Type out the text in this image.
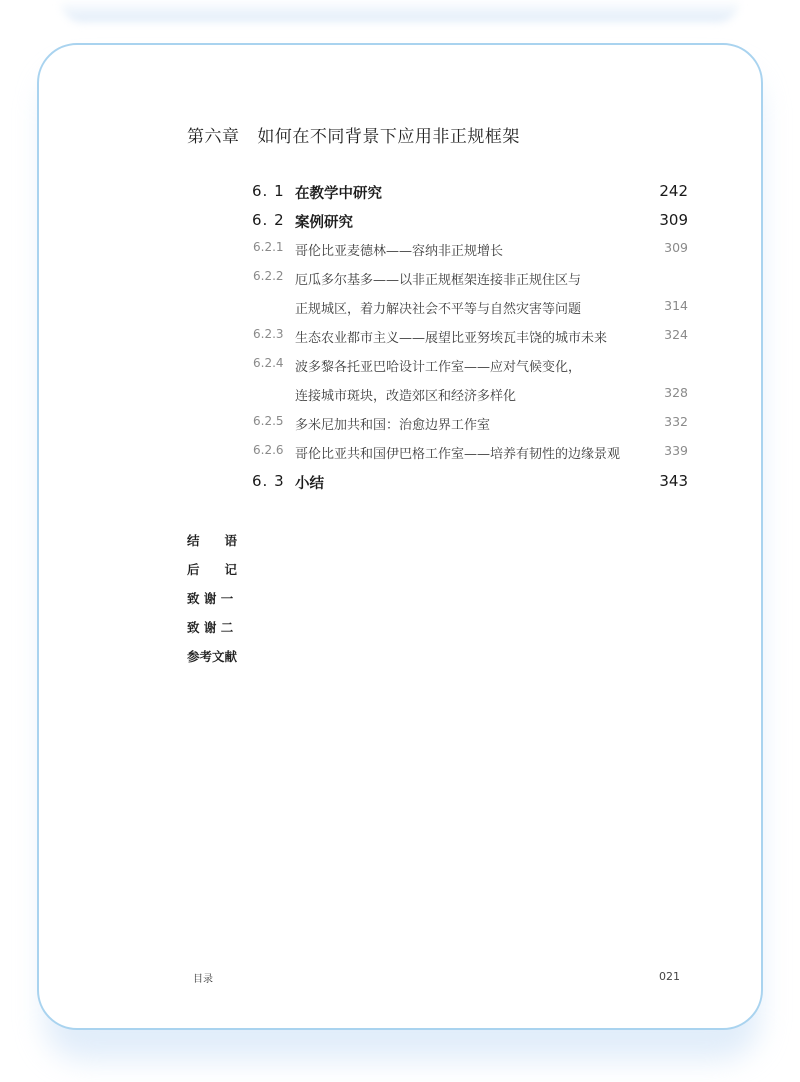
第六章 如何在不同背景下应用非正规框架
6. 1 在教学中研究	242
6. 2 案例研究	309
6.2.1 哥伦比亚麦德林——容纳非正规增长	309
6.2.2 厄瓜多尔基多——以非正规框架连接非正规住区与
正规城区，着力解决社会不平等与自然灾害等问题	314
6.2.3 生态农业都市主义——展望比亚努埃瓦丰饶的城市未来	324
6.2.4 波多黎各托亚巴哈设计工作室——应对气候变化，
连接城市斑块，改造郊区和经济多样化	328
6.2.5 多米尼加共和国：治愈边界工作室	332
6.2.6 哥伦比亚共和国伊巴格工作室——培养有韧性的边缘景观	339
6. 3 小结	343
结　　语
后　　记
致 谢 一
致 谢 二
参考文献
目录	021
